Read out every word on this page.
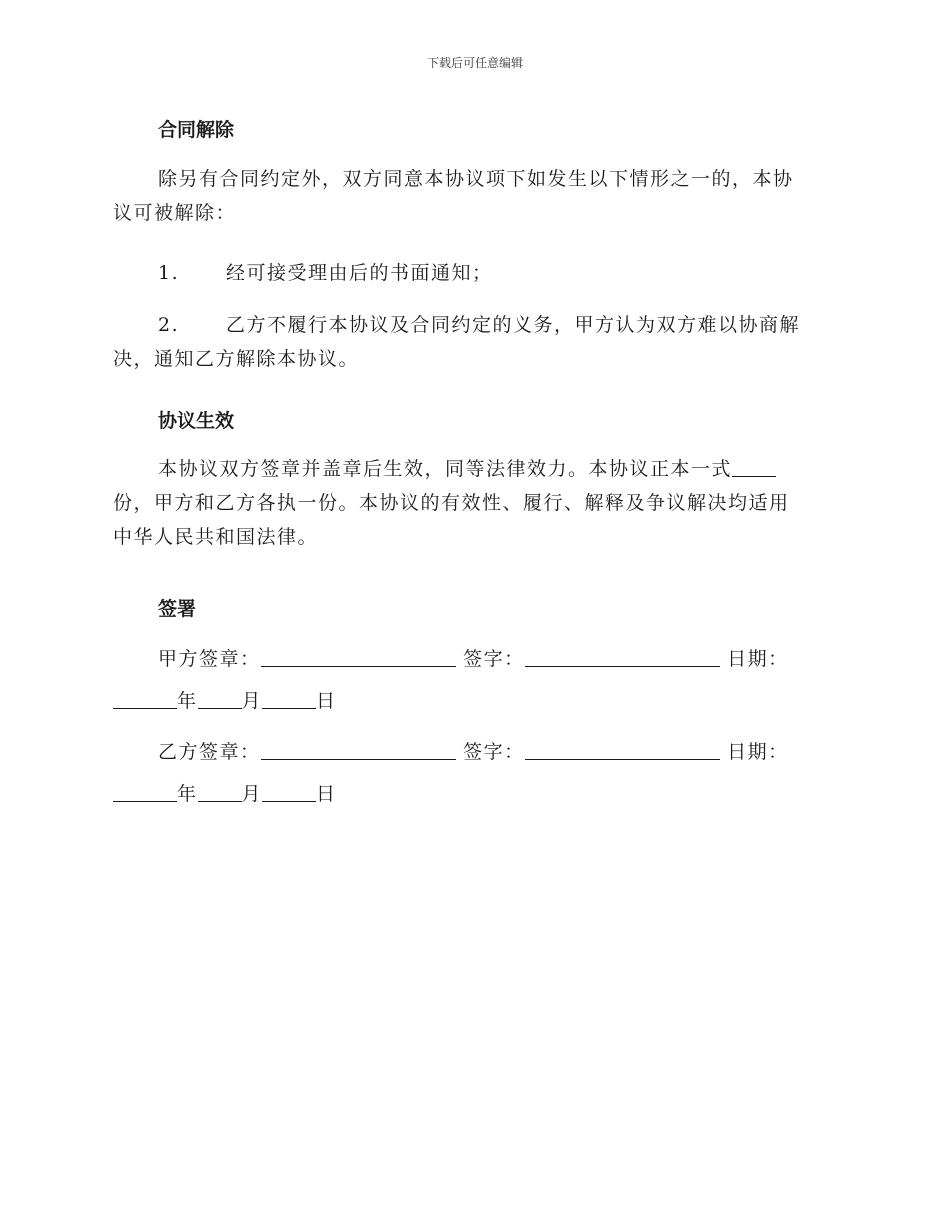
下载后可任意编辑
合同解除
除另有合同约定外，双方同意本协议项下如发生以下情形之一的，本协
议可被解除：
1. 经可接受理由后的书面通知；
2. 乙方不履行本协议及合同约定的义务，甲方认为双方难以协商解
决，通知乙方解除本协议。
协议生效
本协议双方签章并盖章后生效，同等法律效力。本协议正本一式
份，甲方和乙方各执一份。本协议的有效性、履行、解释及争议解决均适用
中华人民共和国法律。
签署
甲方签章：	签字：	日期：
年 月	日
乙方签章：	签字：	日期：
年 月	日
